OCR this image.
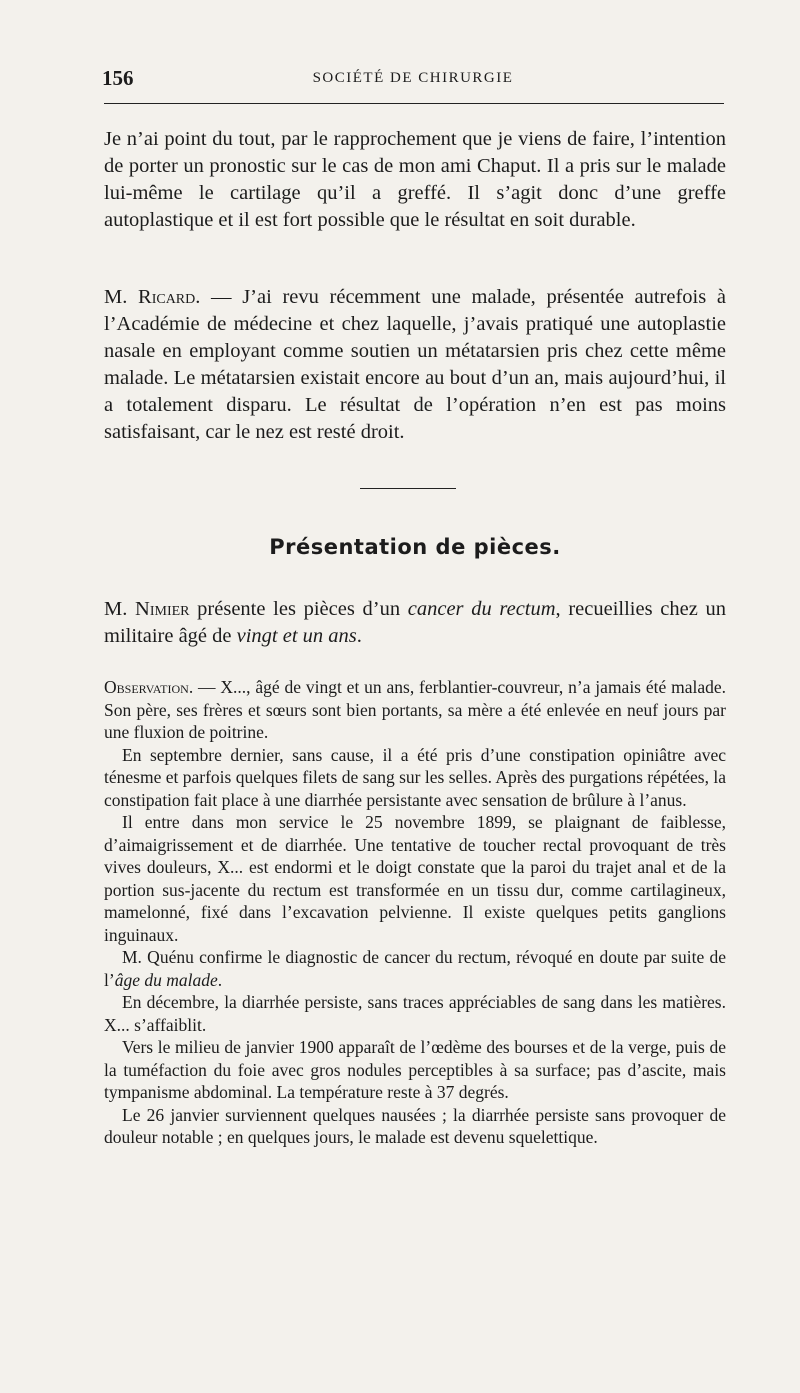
156	SOCIÉTÉ DE CHIRURGIE

Je n’ai point du tout, par le rapprochement que je viens de faire, l’intention de porter un pronostic sur le cas de mon ami Chaput. Il a pris sur le malade lui-même le cartilage qu’il a greffé. Il s’agit donc d’une greffe autoplastique et il est fort possible que le résultat en soit durable.

M. Ricard. — J’ai revu récemment une malade, présentée autrefois à l’Académie de médecine et chez laquelle, j’avais pratiqué une autoplastie nasale en employant comme soutien un métatarsien pris chez cette même malade. Le métatarsien existait encore au bout d’un an, mais aujourd’hui, il a totalement disparu. Le résultat de l’opération n’en est pas moins satisfaisant, car le nez est resté droit.

Présentation de pièces.

M. Nimier présente les pièces d’un cancer du rectum, recueillies chez un militaire âgé de vingt et un ans.

Observation. — X..., âgé de vingt et un ans, ferblantier-couvreur, n’a jamais été malade. Son père, ses frères et sœurs sont bien portants, sa mère a été enlevée en neuf jours par une fluxion de poitrine.

En septembre dernier, sans cause, il a été pris d’une constipation opiniâtre avec ténesme et parfois quelques filets de sang sur les selles. Après des purgations répétées, la constipation fait place à une diarrhée persistante avec sensation de brûlure à l’anus.

Il entre dans mon service le 25 novembre 1899, se plaignant de faiblesse, d’aimaigrissement et de diarrhée. Une tentative de toucher rectal provoquant de très vives douleurs, X... est endormi et le doigt constate que la paroi du trajet anal et de la portion sus-jacente du rectum est transformée en un tissu dur, comme cartilagineux, mamelonné, fixé dans l’excavation pelvienne. Il existe quelques petits ganglions inguinaux.

M. Quénu confirme le diagnostic de cancer du rectum, révoqué en doute par suite de l’âge du malade.

En décembre, la diarrhée persiste, sans traces appréciables de sang dans les matières. X... s’affaiblit.

Vers le milieu de janvier 1900 apparaît de l’œdème des bourses et de la verge, puis de la tuméfaction du foie avec gros nodules perceptibles à sa surface; pas d’ascite, mais tympanisme abdominal. La température reste à 37 degrés.

Le 26 janvier surviennent quelques nausées ; la diarrhée persiste sans provoquer de douleur notable ; en quelques jours, le malade est devenu squelettique.
